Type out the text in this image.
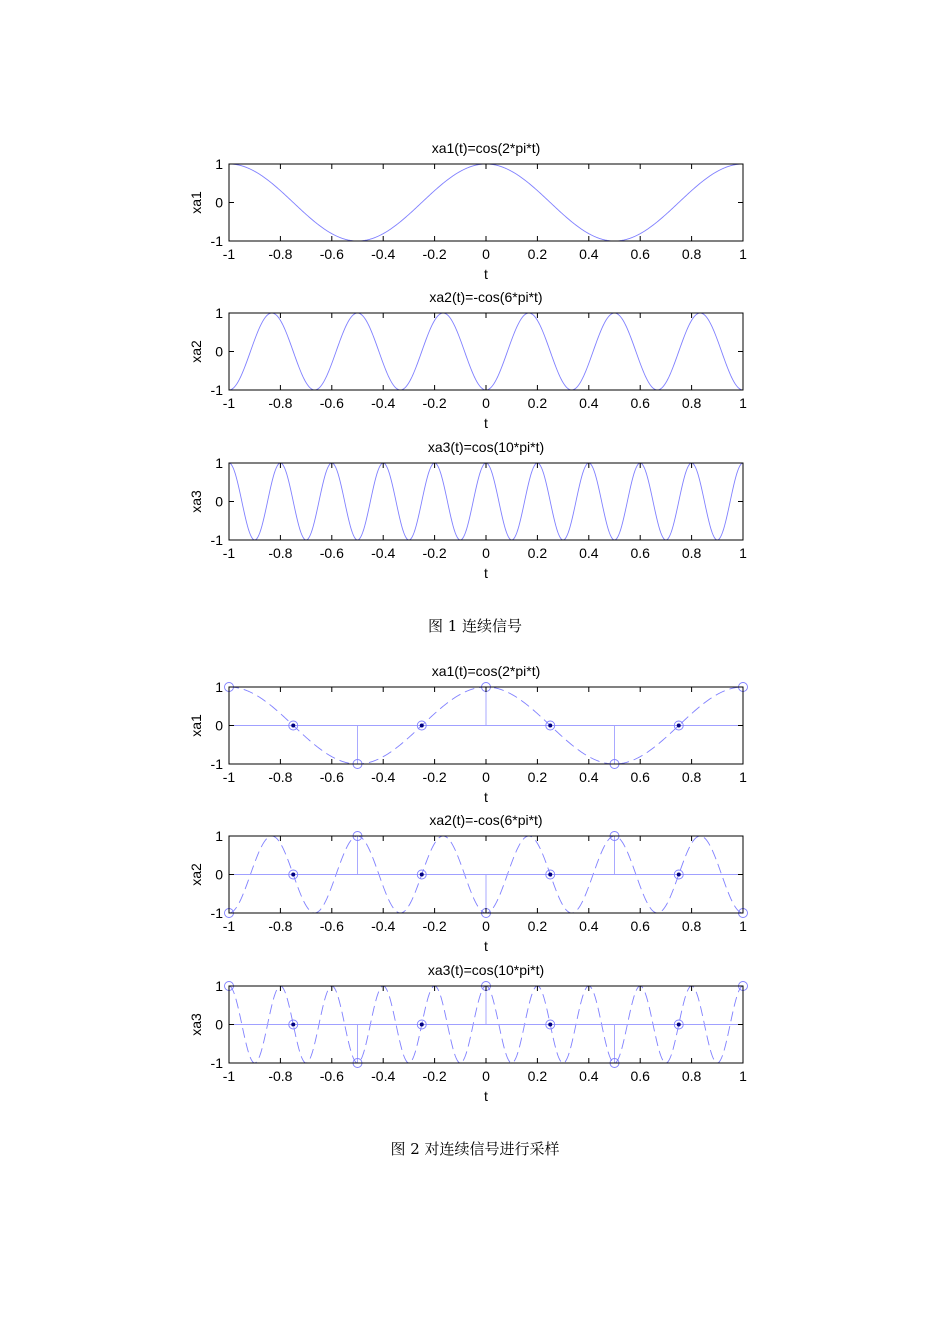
图 1 连续信号
图 2 对连续信号进行采样
xa1(t)=cos(2*pi*t)
-1 -0.8 -0.6 -0.4 -0.2	0	0.2 0.4 0.6 0.8	1
-1
0
1
t
xa1
xa2(t)=-cos(6*pi*t)
-1 -0.8 -0.6 -0.4 -0.2	0	0.2 0.4 0.6 0.8	1
-1
0
1
t
xa2
xa3(t)=cos(10*pi*t)
-1 -0.8 -0.6 -0.4 -0.2	0	0.2 0.4 0.6 0.8	1
-1
0
1
t
xa3
xa1(t)=cos(2*pi*t)
-1 -0.8 -0.6 -0.4 -0.2	0	0.2 0.4 0.6 0.8	1
-1
0
1
t
xa1
xa2(t)=-cos(6*pi*t)
-1 -0.8 -0.6 -0.4 -0.2	0	0.2 0.4 0.6 0.8	1
-1
0
1
t
xa2
xa3(t)=cos(10*pi*t)
-1 -0.8 -0.6 -0.4 -0.2	0	0.2 0.4 0.6 0.8	1
-1
0
1
t
xa3
